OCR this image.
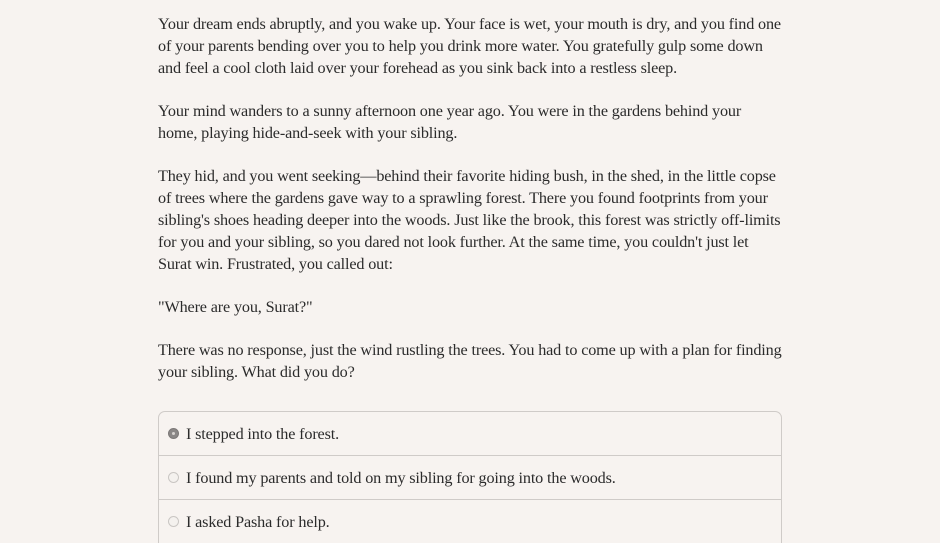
Your dream ends abruptly, and you wake up. Your face is wet, your mouth is dry, and you find one of your parents bending over you to help you drink more water. You gratefully gulp some down and feel a cool cloth laid over your forehead as you sink back into a restless sleep.

Your mind wanders to a sunny afternoon one year ago. You were in the gardens behind your home, playing hide-and-seek with your sibling.

They hid, and you went seeking—behind their favorite hiding bush, in the shed, in the little copse of trees where the gardens gave way to a sprawling forest. There you found footprints from your sibling's shoes heading deeper into the woods. Just like the brook, this forest was strictly off-limits for you and your sibling, so you dared not look further. At the same time, you couldn't just let Surat win. Frustrated, you called out:

"Where are you, Surat?"

There was no response, just the wind rustling the trees. You had to come up with a plan for finding your sibling. What did you do?

I stepped into the forest.
I found my parents and told on my sibling for going into the woods.
I asked Pasha for help.
